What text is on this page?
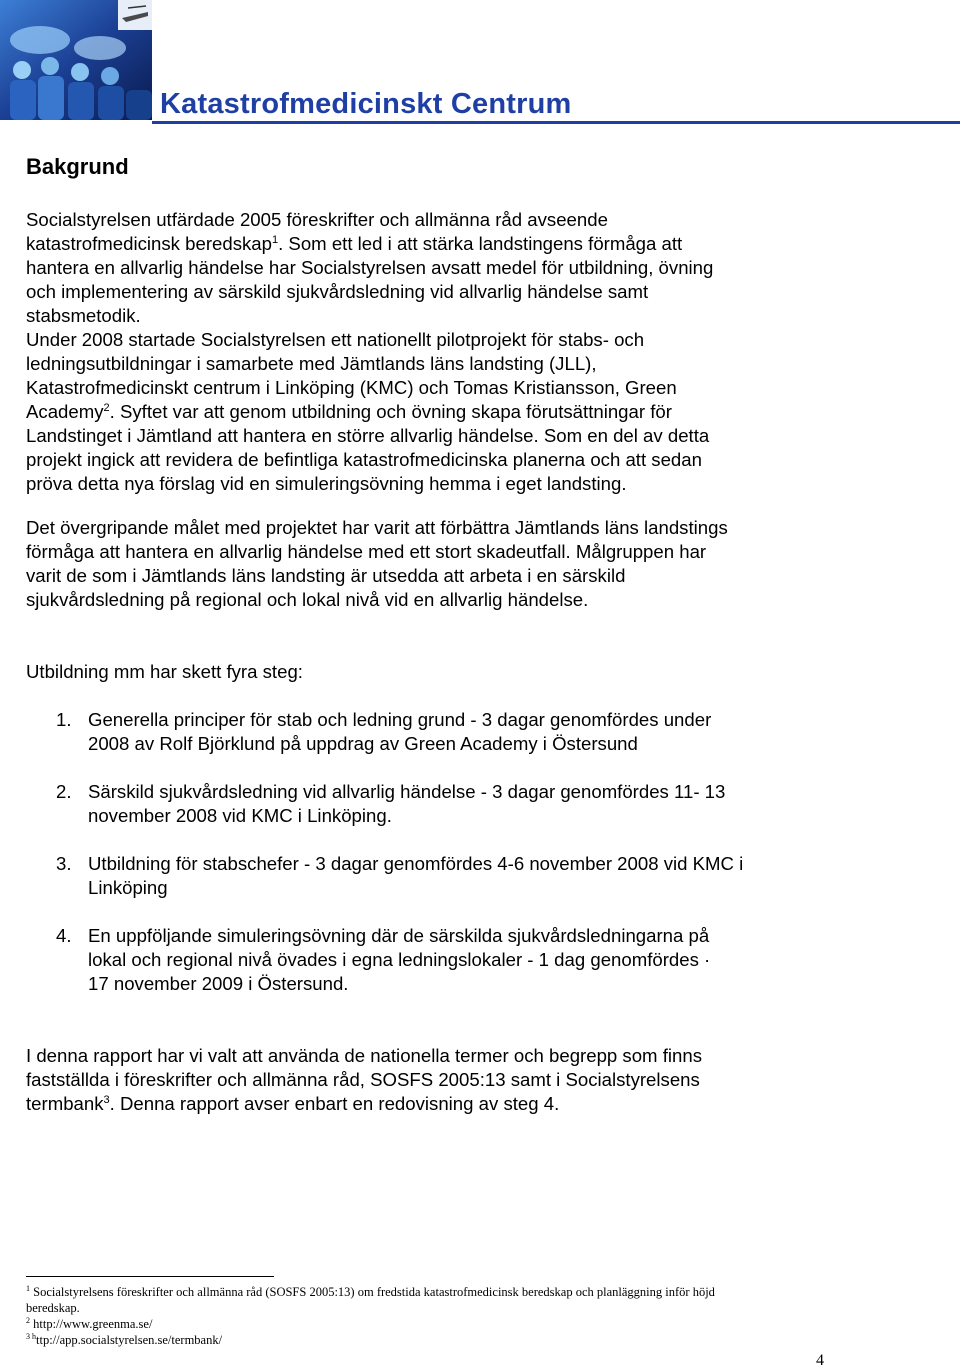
Katastrofmedicinskt Centrum
Bakgrund
Socialstyrelsen utfärdade 2005 föreskrifter och allmänna råd avseende
katastrofmedicinsk beredskap$^1$. Som ett led i att stärka landstingens förmåga att
hantera en allvarlig händelse har Socialstyrelsen avsatt medel för utbildning, övning
och implementering av särskild sjukvårdsledning vid allvarlig händelse samt
stabsmetodik.
Under 2008 startade Socialstyrelsen ett nationellt pilotprojekt för stabs- och
ledningsutbildningar i samarbete med Jämtlands läns landsting (JLL),
Katastrofmedicinskt centrum i Linköping (KMC) och Tomas Kristiansson, Green
Academy$^2$. Syftet var att genom utbildning och övning skapa förutsättningar för
Landstinget i Jämtland att hantera en större allvarlig händelse. Som en del av detta
projekt ingick att revidera de befintliga katastrofmedicinska planerna och att sedan
pröva detta nya förslag vid en simuleringsövning hemma i eget landsting.
Det övergripande målet med projektet har varit att förbättra Jämtlands läns landstings
förmåga att hantera en allvarlig händelse med ett stort skadeutfall. Målgruppen har
varit de som i Jämtlands läns landsting är utsedda att arbeta i en särskild
sjukvårdsledning på regional och lokal nivå vid en allvarlig händelse.
Utbildning mm har skett fyra steg:
1. Generella principer för stab och ledning grund - 3 dagar genomfördes under
2008 av Rolf Björklund på uppdrag av Green Academy i Östersund
2. Särskild sjukvårdsledning vid allvarlig händelse - 3 dagar genomfördes 11- 13
november 2008 vid KMC i Linköping.
3. Utbildning för stabschefer - 3 dagar genomfördes 4-6 november 2008 vid KMC i
Linköping
4. En uppföljande simuleringsövning där de särskilda sjukvårdsledningarna på
lokal och regional nivå övades i egna ledningslokaler - 1 dag genomfördes ·
17 november 2009 i Östersund.
I denna rapport har vi valt att använda de nationella termer och begrepp som finns
fastställda i föreskrifter och allmänna råd, SOSFS 2005:13 samt i Socialstyrelsens
termbank$^3$. Denna rapport avser enbart en redovisning av steg 4.
$^1$ Socialstyrelsens föreskrifter och allmänna råd (SOSFS 2005:13) om fredstida katastrofmedicinsk beredskap och planläggning inför höjd
beredskap.
$^2$ http://www.greenma.se/
$^{3 h}$ttp://app.socialstyrelsen.se/termbank/
4
